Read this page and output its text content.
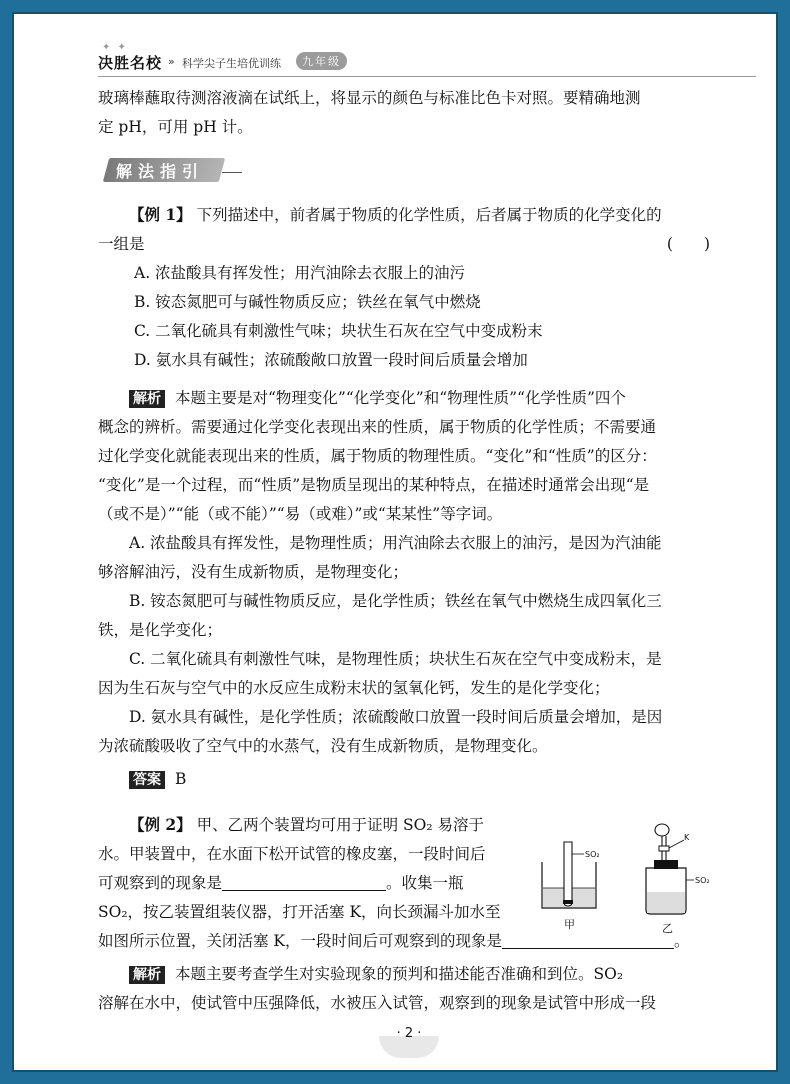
✦ ✦
决胜名校 » 科学尖子生培优训练	九年级

玻璃棒蘸取待测溶液滴在试纸上，将显示的颜色与标准比色卡对照。要精确地测

定 pH，可用 pH 计。

解法指引

【例 1】 下列描述中，前者属于物质的化学性质，后者属于物质的化学变化的

一组是	(　　)

A. 浓盐酸具有挥发性；用汽油除去衣服上的油污

B. 铵态氮肥可与碱性物质反应；铁丝在氧气中燃烧

C. 二氧化硫具有刺激性气味；块状生石灰在空气中变成粉末

D. 氨水具有碱性；浓硫酸敞口放置一段时间后质量会增加

解析 本题主要是对“物理变化”“化学变化”和“物理性质”“化学性质”四个

概念的辨析。需要通过化学变化表现出来的性质，属于物质的化学性质；不需要通

过化学变化就能表现出来的性质，属于物质的物理性质。“变化”和“性质”的区分：

“变化”是一个过程，而“性质”是物质呈现出的某种特点，在描述时通常会出现“是

（或不是）”“能（或不能）”“易（或难）”或“某某性”等字词。

A. 浓盐酸具有挥发性，是物理性质；用汽油除去衣服上的油污，是因为汽油能

够溶解油污，没有生成新物质，是物理变化；

B. 铵态氮肥可与碱性物质反应，是化学性质；铁丝在氧气中燃烧生成四氧化三

铁，是化学变化；

C. 二氧化硫具有刺激性气味，是物理性质；块状生石灰在空气中变成粉末，是

因为生石灰与空气中的水反应生成粉末状的氢氧化钙，发生的是化学变化；

D. 氨水具有碱性，是化学性质；浓硫酸敞口放置一段时间后质量会增加，是因

为浓硫酸吸收了空气中的水蒸气，没有生成新物质，是物理变化。

答案 B

【例 2】 甲、乙两个装置均可用于证明 SO₂ 易溶于

水。甲装置中，在水面下松开试管的橡皮塞，一段时间后

可观察到的现象是	。收集一瓶

SO₂，按乙装置组装仪器，打开活塞 K，向长颈漏斗加水至

如图所示位置，关闭活塞 K，一段时间后可观察到的现象是	。

解析 本题主要考查学生对实验现象的预判和描述能否准确和到位。SO₂

溶解在水中，使试管中压强降低，水被压入试管，观察到的现象是试管中形成一段

SO₂
甲
K
SO₂
乙
· 2 ·
